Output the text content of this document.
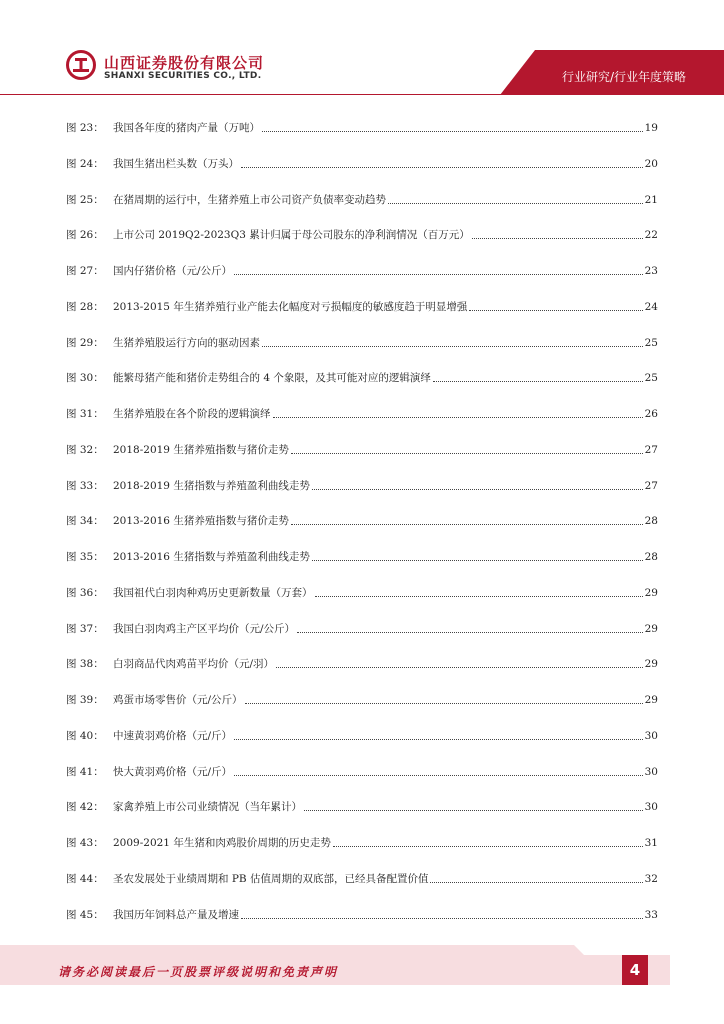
山西证券股份有限公司
SHANXI SECURITIES CO., LTD.	行业研究/行业年度策略
图 23： 我国各年度的猪肉产量（万吨）	19
图 24： 我国生猪出栏头数（万头）	20
图 25： 在猪周期的运行中，生猪养殖上市公司资产负债率变动趋势	21
图 26： 上市公司 2019Q2-2023Q3 累计归属于母公司股东的净利润情况（百万元）	22
图 27： 国内仔猪价格（元/公斤）	23
图 28： 2013-2015 年生猪养殖行业产能去化幅度对亏损幅度的敏感度趋于明显增强	24
图 29： 生猪养殖股运行方向的驱动因素	25
图 30： 能繁母猪产能和猪价走势组合的 4 个象限，及其可能对应的逻辑演绎	25
图 31： 生猪养殖股在各个阶段的逻辑演绎	26
图 32： 2018-2019 生猪养殖指数与猪价走势	27
图 33： 2018-2019 生猪指数与养殖盈利曲线走势	27
图 34： 2013-2016 生猪养殖指数与猪价走势	28
图 35： 2013-2016 生猪指数与养殖盈利曲线走势	28
图 36： 我国祖代白羽肉种鸡历史更新数量（万套）	29
图 37： 我国白羽肉鸡主产区平均价（元/公斤）	29
图 38： 白羽商品代肉鸡苗平均价（元/羽）	29
图 39： 鸡蛋市场零售价（元/公斤）	29
图 40： 中速黄羽鸡价格（元/斤）	30
图 41： 快大黄羽鸡价格（元/斤）	30
图 42： 家禽养殖上市公司业绩情况（当年累计）	30
图 43： 2009-2021 年生猪和肉鸡股价周期的历史走势	31
图 44： 圣农发展处于业绩周期和 PB 估值周期的双底部，已经具备配置价值	32
图 45： 我国历年饲料总产量及增速	33
请务必阅读最后一页股票评级说明和免责声明	4
